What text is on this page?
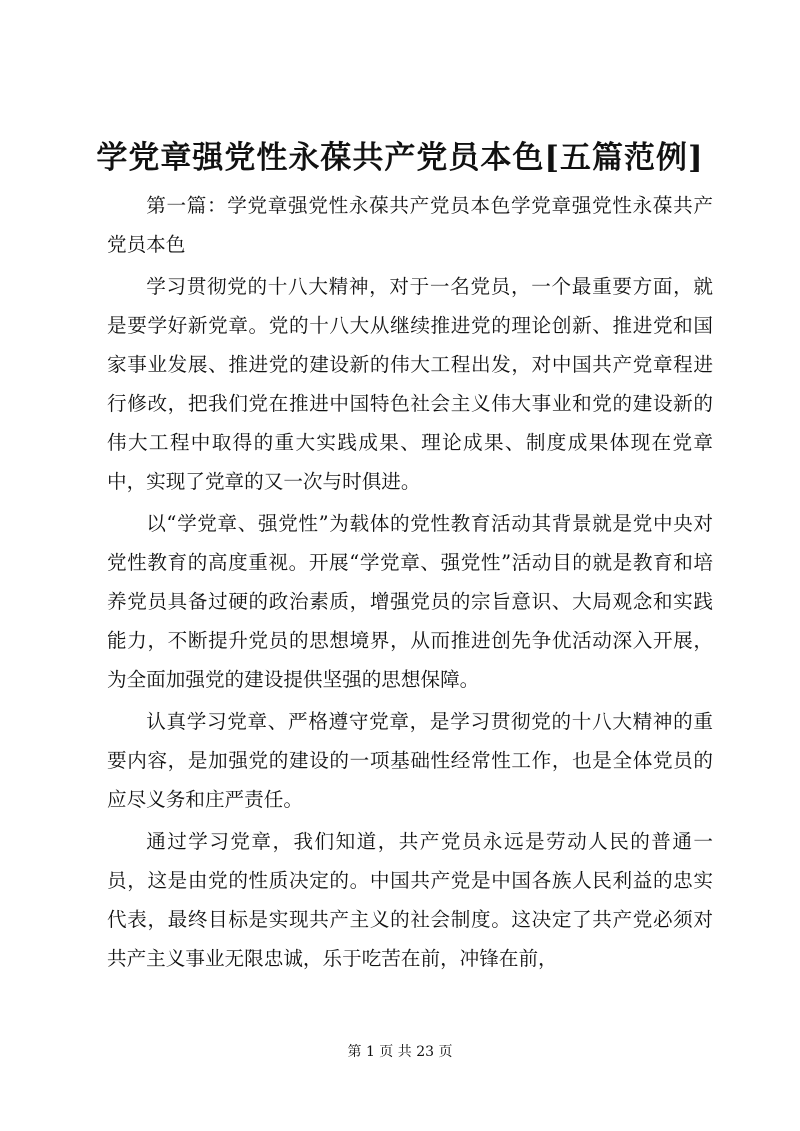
学党章强党性永葆共产党员本色[五篇范例]

第一篇：学党章强党性永葆共产党员本色学党章强党性永葆共产党员本色

学习贯彻党的十八大精神，对于一名党员，一个最重要方面，就是要学好新党章。党的十八大从继续推进党的理论创新、推进党和国家事业发展、推进党的建设新的伟大工程出发，对中国共产党章程进行修改，把我们党在推进中国特色社会主义伟大事业和党的建设新的伟大工程中取得的重大实践成果、理论成果、制度成果体现在党章中，实现了党章的又一次与时俱进。

以“学党章、强党性”为载体的党性教育活动其背景就是党中央对党性教育的高度重视。开展“学党章、强党性”活动目的就是教育和培养党员具备过硬的政治素质，增强党员的宗旨意识、大局观念和实践能力，不断提升党员的思想境界，从而推进创先争优活动深入开展，为全面加强党的建设提供坚强的思想保障。

认真学习党章、严格遵守党章，是学习贯彻党的十八大精神的重要内容，是加强党的建设的一项基础性经常性工作，也是全体党员的应尽义务和庄严责任。

通过学习党章，我们知道，共产党员永远是劳动人民的普通一员，这是由党的性质决定的。中国共产党是中国各族人民利益的忠实代表，最终目标是实现共产主义的社会制度。这决定了共产党必须对共产主义事业无限忠诚，乐于吃苦在前，冲锋在前，

第 1 页 共 23 页
